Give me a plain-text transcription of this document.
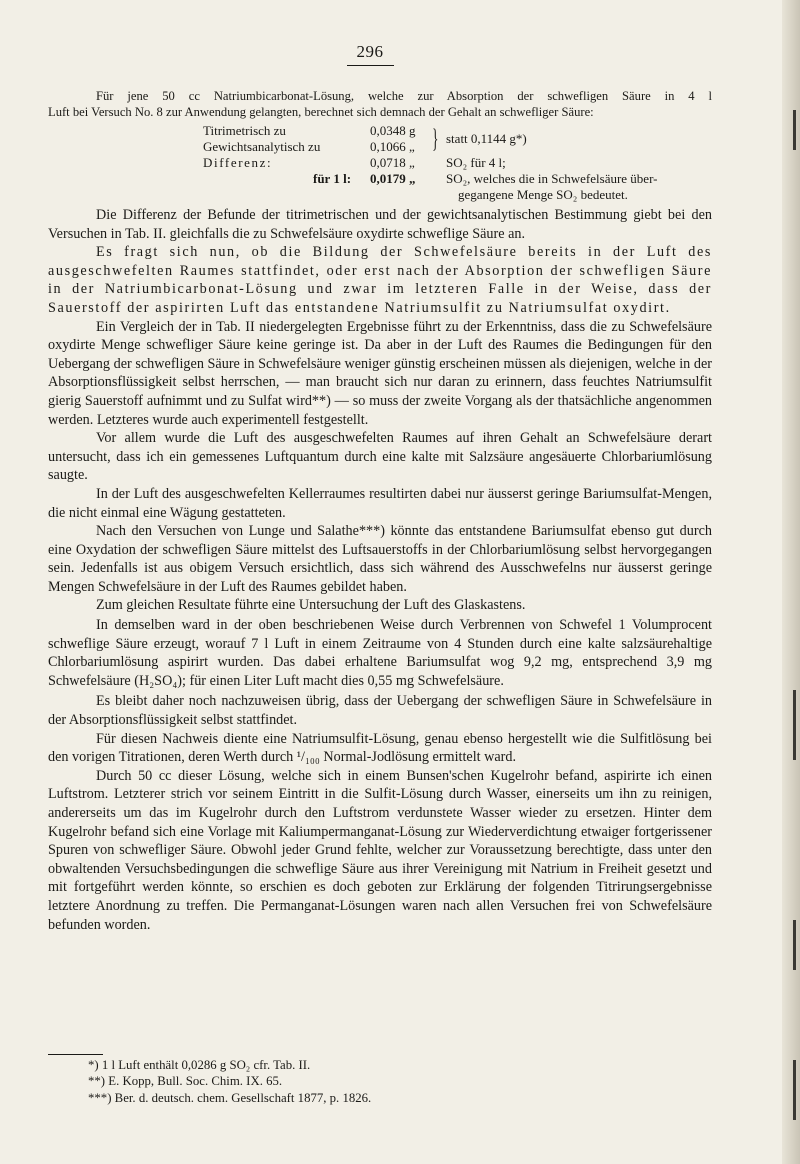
296
Für jene 50 cc Natriumbicarbonat-Lösung, welche zur Absorption der schwefligen Säure in 4 l
Luft bei Versuch No. 8 zur Anwendung gelangten, berechnet sich demnach der Gehalt an schwefliger Säure:
Titrimetrisch zu	0,0348 g
Gewichtsanalytisch zu	0,1066 „ } statt 0,1144 g*)
Differenz:	0,0718 „ SO₂ für 4 l;
für 1 l: 0,0179 „ SO₂, welches die in Schwefelsäure über-
gegangene Menge SO₂ bedeutet.

Die Differenz der Befunde der titrimetrischen und der gewichtsanalytischen Bestimmung giebt bei den Versuchen in Tab. II. gleichfalls die zu Schwefelsäure oxydirte schweflige Säure an.

Es fragt sich nun, ob die Bildung der Schwefelsäure bereits in der Luft des ausgeschwefelten Raumes stattfindet, oder erst nach der Absorption der schwefligen Säure in der Natriumbicarbonat-Lösung und zwar im letzteren Falle in der Weise, dass der Sauerstoff der aspirirten Luft das entstandene Natriumsulfit zu Natriumsulfat oxydirt.

Ein Vergleich der in Tab. II niedergelegten Ergebnisse führt zu der Erkenntniss, dass die zu Schwefelsäure oxydirte Menge schwefliger Säure keine geringe ist. Da aber in der Luft des Raumes die Bedingungen für den Uebergang der schwefligen Säure in Schwefelsäure weniger günstig erscheinen müssen als diejenigen, welche in der Absorptionsflüssigkeit selbst herrschen, — man braucht sich nur daran zu erinnern, dass feuchtes Natriumsulfit gierig Sauerstoff aufnimmt und zu Sulfat wird**) — so muss der zweite Vorgang als der thatsächliche angenommen werden. Letzteres wurde auch experimentell festgestellt.

Vor allem wurde die Luft des ausgeschwefelten Raumes auf ihren Gehalt an Schwefelsäure derart untersucht, dass ich ein gemessenes Luftquantum durch eine kalte mit Salzsäure angesäuerte Chlorbariumlösung saugte.

In der Luft des ausgeschwefelten Kellerraumes resultirten dabei nur äusserst geringe Bariumsulfat-Mengen, die nicht einmal eine Wägung gestatteten.

Nach den Versuchen von Lunge und Salathe***) könnte das entstandene Bariumsulfat ebenso gut durch eine Oxydation der schwefligen Säure mittelst des Luftsauerstoffs in der Chlorbariumlösung selbst hervorgegangen sein. Jedenfalls ist aus obigem Versuch ersichtlich, dass sich während des Ausschwefelns nur äusserst geringe Mengen Schwefelsäure in der Luft des Raumes gebildet haben.

Zum gleichen Resultate führte eine Untersuchung der Luft des Glaskastens.

In demselben ward in der oben beschriebenen Weise durch Verbrennen von Schwefel 1 Volumprocent schweflige Säure erzeugt, worauf 7 l Luft in einem Zeitraume von 4 Stunden durch eine kalte salzsäurehaltige Chlorbariumlösung aspirirt wurden. Das dabei erhaltene Bariumsulfat wog 9,2 mg, entsprechend 3,9 mg Schwefelsäure (H₂SO₄); für einen Liter Luft macht dies 0,55 mg Schwefelsäure.

Es bleibt daher noch nachzuweisen übrig, dass der Uebergang der schwefligen Säure in Schwefelsäure in der Absorptionsflüssigkeit selbst stattfindet.

Für diesen Nachweis diente eine Natriumsulfit-Lösung, genau ebenso hergestellt wie die Sulfitlösung bei den vorigen Titrationen, deren Werth durch ¹/₁₀₀ Normal-Jodlösung ermittelt ward.

Durch 50 cc dieser Lösung, welche sich in einem Bunsen'schen Kugelrohr befand, aspirirte ich einen Luftstrom. Letzterer strich vor seinem Eintritt in die Sulfit-Lösung durch Wasser, einerseits um ihn zu reinigen, andererseits um das im Kugelrohr durch den Luftstrom verdunstete Wasser wieder zu ersetzen. Hinter dem Kugelrohr befand sich eine Vorlage mit Kaliumpermanganat-Lösung zur Wiederverdichtung etwaiger fortgerissener Spuren von schwefliger Säure. Obwohl jeder Grund fehlte, welcher zur Voraussetzung berechtigte, dass unter den obwaltenden Versuchsbedingungen die schweflige Säure aus ihrer Vereinigung mit Natrium in Freiheit gesetzt und mit fortgeführt werden könnte, so erschien es doch geboten zur Erklärung der folgenden Titrirungsergebnisse letztere Anordnung zu treffen. Die Permanganat-Lösungen waren nach allen Versuchen frei von Schwefelsäure befunden worden.

*) 1 l Luft enthält 0,0286 g SO₂ cfr. Tab. II.
**) E. Kopp, Bull. Soc. Chim. IX. 65.
***) Ber. d. deutsch. chem. Gesellschaft 1877, p. 1826.
